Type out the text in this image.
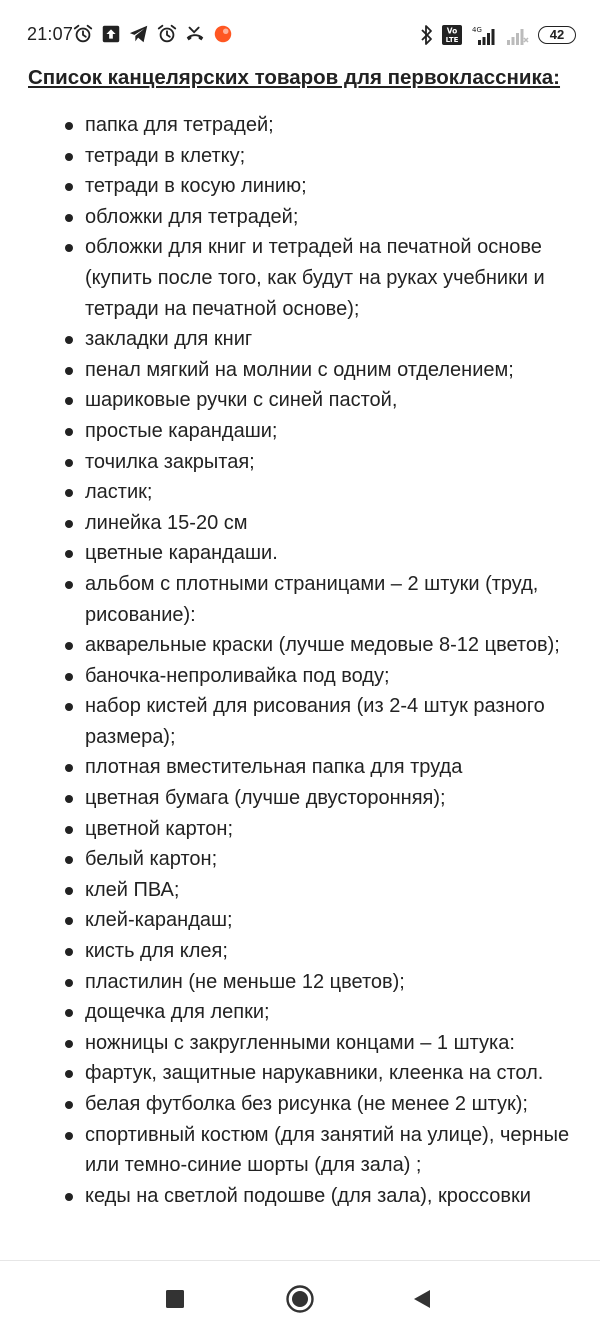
21:07	Vo
LTE
4G	42
Список канцелярских товаров для первоклассника:
папка для тетрадей;
тетради в клетку;
тетради в косую линию;
обложки для тетрадей;
обложки для книг и тетрадей на печатной основе (купить после того, как будут на руках учебники и тетради на печатной основе);
закладки для книг
пенал мягкий на молнии с одним отделением;
шариковые ручки с синей пастой,
простые карандаши;
точилка закрытая;
ластик;
линейка 15-20 см
цветные карандаши.
альбом с плотными страницами – 2 штуки (труд, рисование):
акварельные краски (лучше медовые 8-12 цветов);
баночка-непроливайка под воду;
набор кистей для рисования (из 2-4 штук разного размера);
плотная вместительная папка для труда
цветная бумага (лучше двусторонняя);
цветной картон;
белый картон;
клей ПВА;
клей-карандаш;
кисть для клея;
пластилин (не меньше 12 цветов);
дощечка для лепки;
ножницы с закругленными концами – 1 штука:
фартук, защитные нарукавники, клеенка на стол.
белая футболка без рисунка (не менее 2 штук);
спортивный костюм (для занятий на улице), черные или темно-синие шорты (для зала) ;
кеды на светлой подошве (для зала), кроссовки
